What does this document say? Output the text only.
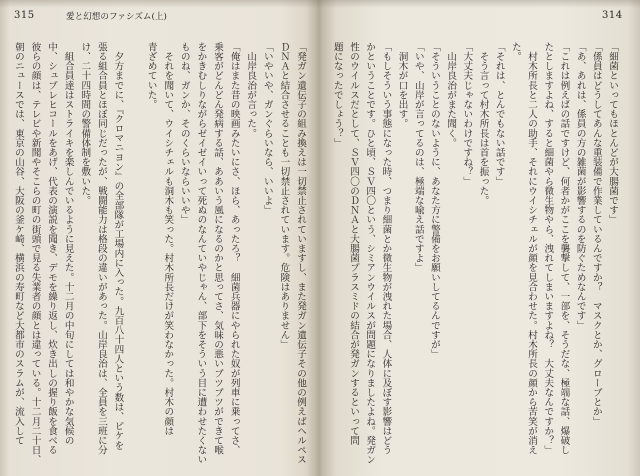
315	愛と幻想のファシズム(上)
「発ガン遺伝子の組み換えは一切禁止されていますし、また発ガン遺伝子その他の例えばヘルペス
ＤＮＡと結合させることも一切禁止されています。危険はありません」
「いやいや、ガンぐらいなら、いいよ」
　山岸良治が言った。
「俺はまた昔の映画みたいにさ、ほら、あったろ？　細菌兵器にやられた奴が列車に乗ってさ、
乗客がどんどん発病する話、ああいう風になるのかと思ってさ、気味の悪いブツブツができて喉
をかきむしりながらゼイゼイいって死ぬのなんていやじゃん、部下をそういう目に遭わせたくない
ものね、ガンか、そのくらいならいいや」
　それを聞いて、ウイシチェルも洞木も笑った。村木所長だけが笑わなかった。村木の顔は
青ざめていた。
　夕方までに、『クロマニヨン』の全部隊が工場内に入った。九百八十四人という数は、ピケを
張る組合員とほぼ同じだったが、戦闘能力は格段の違いがあった。山岸良治は、全員を三班に分
け、二十四時間の警備体制を敷いた。
　組合員達はストライキを楽しんでいるように見えた。十二月の中旬にしては和やかな気候の
中、シュプレヒコールをあげ、代表の演説を聞き、デモを繰り返し、炊き出しの握り飯を食べる
彼らの顔は、テレビや新聞やそこらの町の街頭で見る失業者の顔とは違っている。十二月二十日、
朝のニュースでは、東京の山谷、大阪の釜ケ崎、横浜の寿町など大都市のスラムが、流入して
314
「細菌といってもほとんどが大腸菌です」
「係員はどうしてあんな重装備で作業しているんですか？　マスクとか、グローブとか」
「あ、あれは、係員の方の雑菌が影響するのを防ぐためなんです」
「これは例えばの話ですけど、何者かがここを襲撃して、一部を、そうだな、極端な話、爆破し
たとしますよね、すると細菌やら微生物やら、洩れてしまいますよね？　大丈夫なんですか？」
　村木所長と二人の助手、それにウイシチェルが顔を見合わせた。村木所長の顔から苦笑が消え
た。
「それは、とんでもない話です」
　そう言って村木所長は首を振った。
「大丈夫じゃないわけですね？」
　山岸良治がまた聞く。
「そういうことのないように、あなた方に警備をお願いしてるんですが」
「いや、山岸が言ってるのは、極端な喩え話ですよ」
　洞木が口を出す。
「もしそういう事態になった時、つまり細菌とか微生物が洩れた場合、人体に及ぼす影響はどう
かということです。ひと頃、ＳＶ四〇という、シミアンウイルスが問題になりましたよね。発ガン
性のウイルスだとして、ＳＶ四〇のＤＮＡと大腸菌プラスミドの結合が発ガンするといって問
題になったでしょう？」
